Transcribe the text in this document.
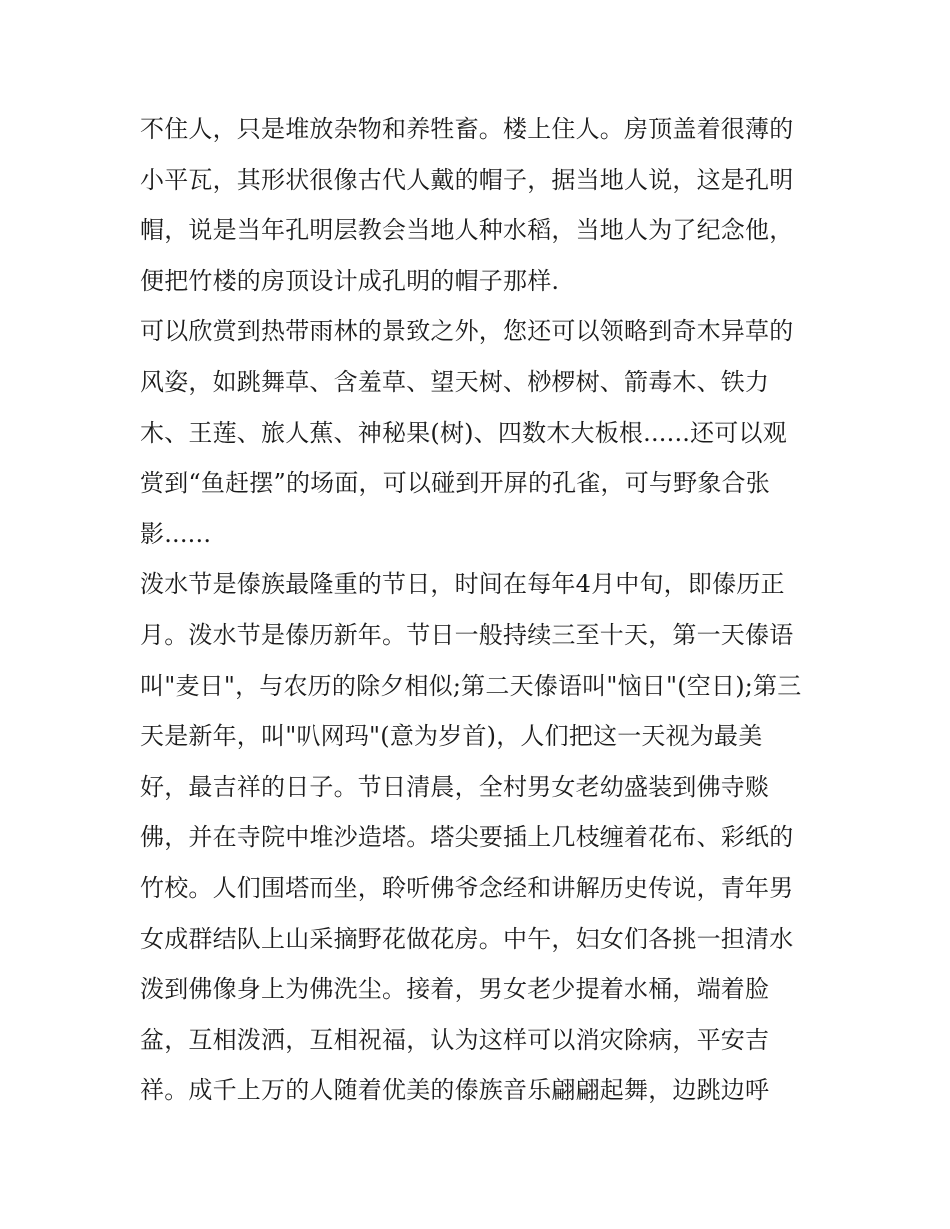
不住人，只是堆放杂物和养牲畜。楼上住人。房顶盖着很薄的
小平瓦，其形状很像古代人戴的帽子，据当地人说，这是孔明
帽，说是当年孔明层教会当地人种水稻，当地人为了纪念他，
便把竹楼的房顶设计成孔明的帽子那样.
可以欣赏到热带雨林的景致之外，您还可以领略到奇木异草的
风姿，如跳舞草、含羞草、望天树、桫椤树、箭毒木、铁力
木、王莲、旅人蕉、神秘果(树)、四数木大板根......还可以观
赏到“鱼赶摆”的场面，可以碰到开屏的孔雀，可与野象合张
影......
泼水节是傣族最隆重的节日，时间在每年4月中旬，即傣历正
月。泼水节是傣历新年。节日一般持续三至十天，第一天傣语
叫"麦日"，与农历的除夕相似;第二天傣语叫"恼日"(空日);第三
天是新年，叫"叭网玛"(意为岁首)，人们把这一天视为最美
好，最吉祥的日子。节日清晨，全村男女老幼盛装到佛寺赕
佛，并在寺院中堆沙造塔。塔尖要插上几枝缠着花布、彩纸的
竹校。人们围塔而坐，聆听佛爷念经和讲解历史传说，青年男
女成群结队上山采摘野花做花房。中午，妇女们各挑一担清水
泼到佛像身上为佛洗尘。接着，男女老少提着水桶，端着脸
盆，互相泼洒，互相祝福，认为这样可以消灾除病，平安吉
祥。成千上万的人随着优美的傣族音乐翩翩起舞，边跳边呼
